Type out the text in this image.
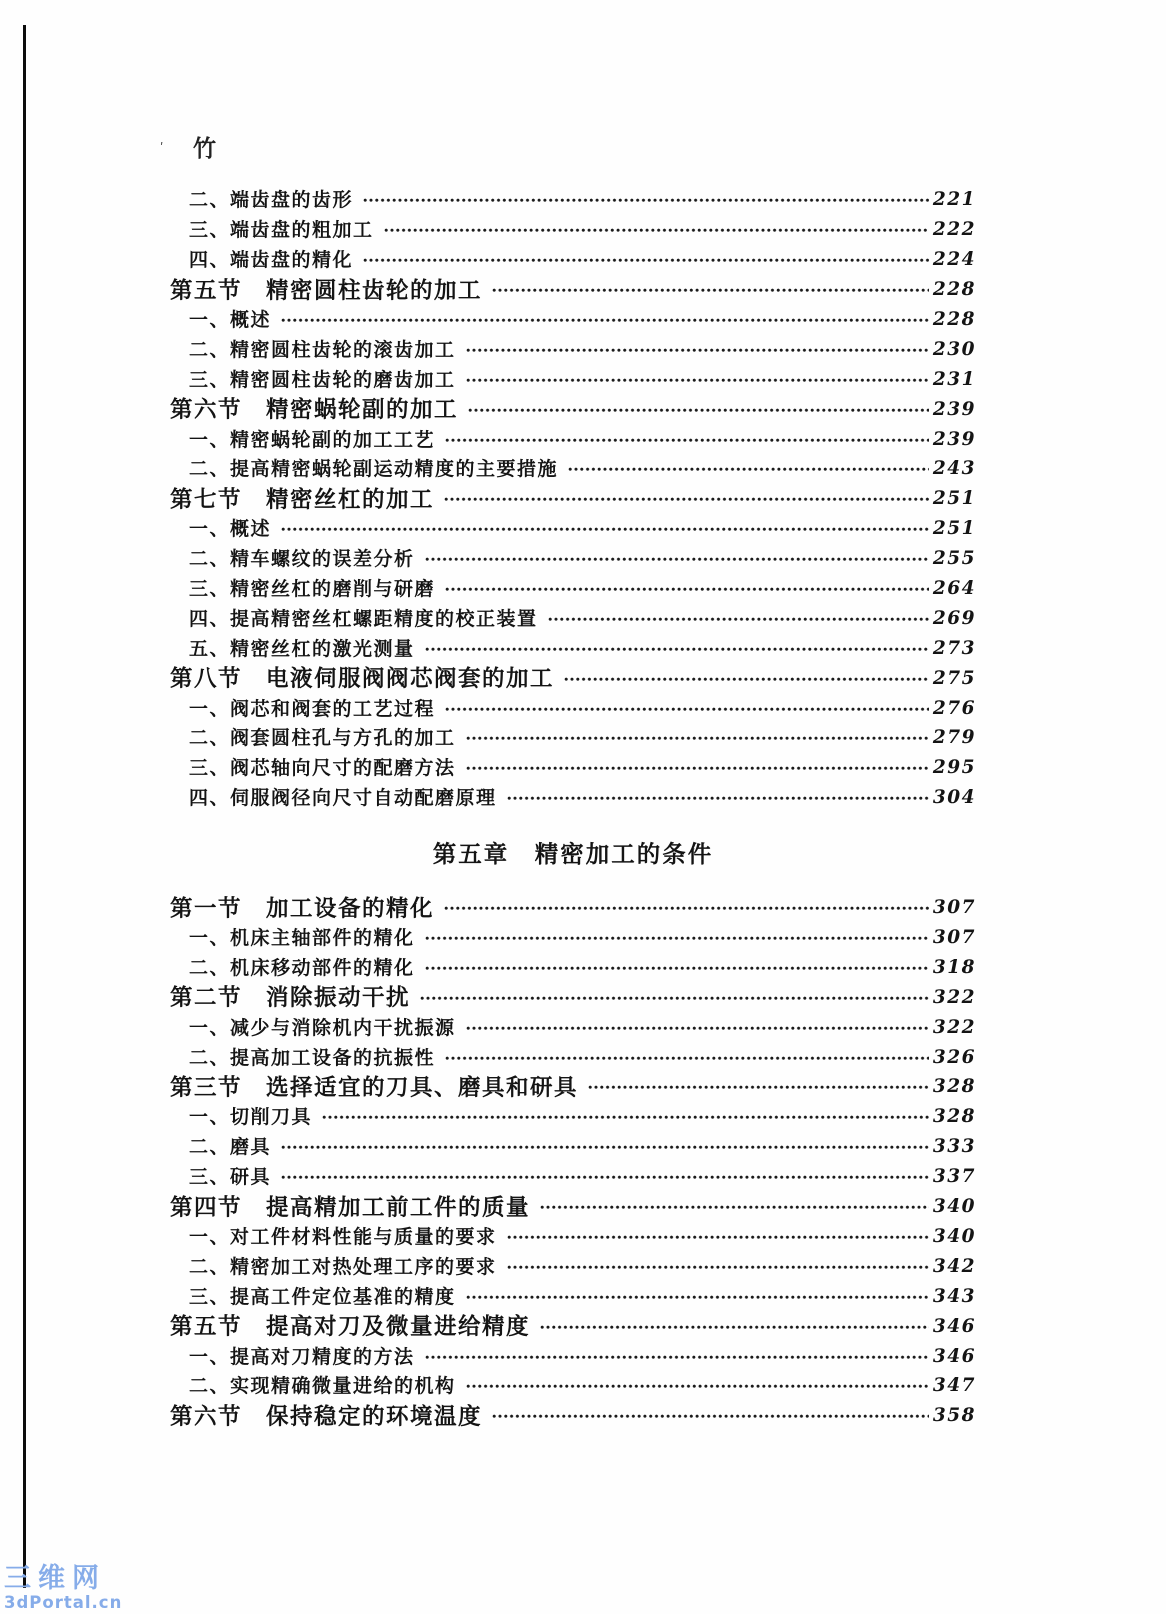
ʹ 竹
二、端齿盘的齿形	221
三、端齿盘的粗加工	222
四、端齿盘的精化	224
第五节　精密圆柱齿轮的加工	228
一、概述	228
二、精密圆柱齿轮的滚齿加工	230
三、精密圆柱齿轮的磨齿加工	231
第六节　精密蜗轮副的加工	239
一、精密蜗轮副的加工工艺	239
二、提高精密蜗轮副运动精度的主要措施	243
第七节　精密丝杠的加工	251
一、概述	251
二、精车螺纹的误差分析	255
三、精密丝杠的磨削与研磨	264
四、提高精密丝杠螺距精度的校正装置	269
五、精密丝杠的激光测量	273
第八节　电液伺服阀阀芯阀套的加工	275
一、阀芯和阀套的工艺过程	276
二、阀套圆柱孔与方孔的加工	279
三、阀芯轴向尺寸的配磨方法	295
四、伺服阀径向尺寸自动配磨原理	304
第五章　精密加工的条件
第一节　加工设备的精化	307
一、机床主轴部件的精化	307
二、机床移动部件的精化	318
第二节　消除振动干扰	322
一、减少与消除机内干扰振源	322
二、提高加工设备的抗振性	326
第三节　选择适宜的刀具、磨具和研具	328
一、切削刀具	328
二、磨具	333
三、研具	337
第四节　提高精加工前工件的质量	340
一、对工件材料性能与质量的要求	340
二、精密加工对热处理工序的要求	342
三、提高工件定位基准的精度	343
第五节　提高对刀及微量进给精度	346
一、提高对刀精度的方法	346
二、实现精确微量进给的机构	347
第六节　保持稳定的环境温度	358
三维网
3dPortal.cn
